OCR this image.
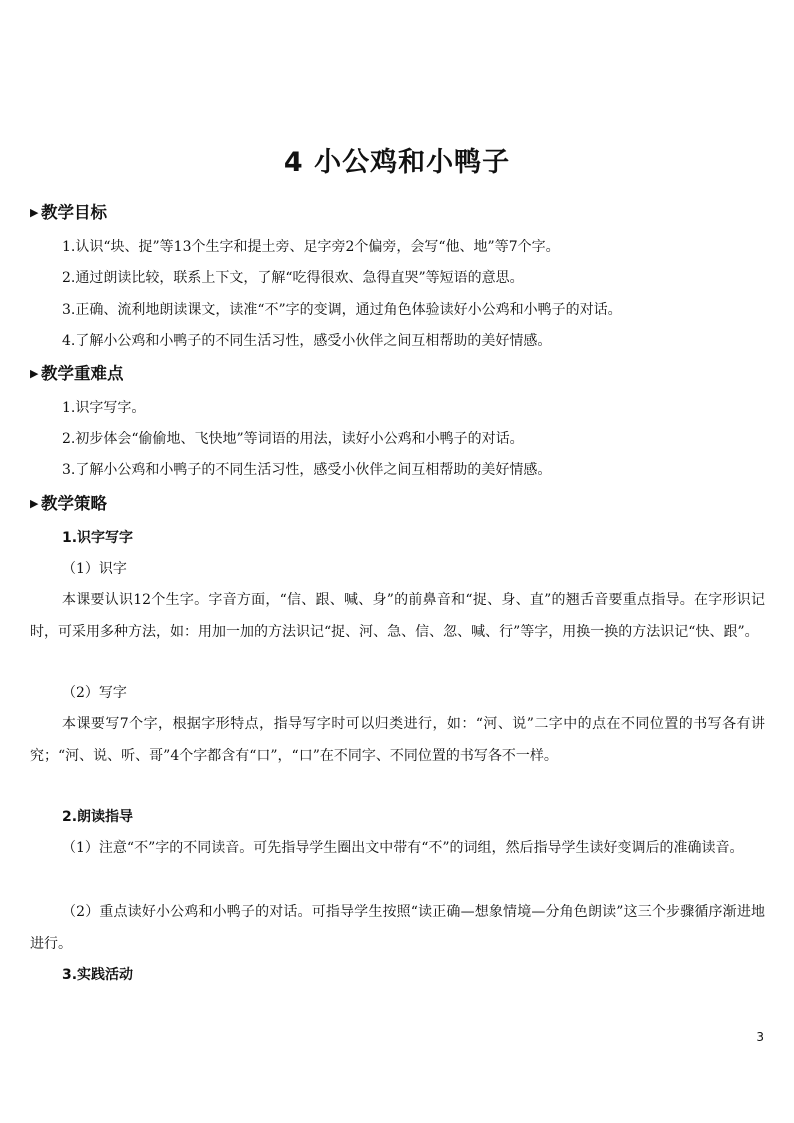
4 小公鸡和小鸭子
▶ 教学目标
1.认识“块、捉”等13个生字和提土旁、足字旁2个偏旁，会写“他、地”等7个字。
2.通过朗读比较，联系上下文，了解“吃得很欢、急得直哭”等短语的意思。
3.正确、流利地朗读课文，读准“不”字的变调，通过角色体验读好小公鸡和小鸭子的对话。
4.了解小公鸡和小鸭子的不同生活习性，感受小伙伴之间互相帮助的美好情感。
▶ 教学重难点
1.识字写字。
2.初步体会“偷偷地、飞快地”等词语的用法，读好小公鸡和小鸭子的对话。
3.了解小公鸡和小鸭子的不同生活习性，感受小伙伴之间互相帮助的美好情感。
▶ 教学策略
1.识字写字
（1）识字

本课要认识12个生字。字音方面，“信、跟、喊、身”的前鼻音和“捉、身、直”的翘舌音要重点指导。在字形识记时，可采用多种方法，如：用加一加的方法识记“捉、河、急、信、忽、喊、行”等字，用换一换的方法识记“快、跟”。

（2）写字

本课要写7个字，根据字形特点，指导写字时可以归类进行，如：“河、说”二字中的点在不同位置的书写各有讲究；“河、说、听、哥”4个字都含有“口”，“口”在不同字、不同位置的书写各不一样。

2.朗读指导

（1）注意“不”字的不同读音。可先指导学生圈出文中带有“不”的词组，然后指导学生读好变调后的准确读音。

（2）重点读好小公鸡和小鸭子的对话。可指导学生按照“读正确—想象情境—分角色朗读”这三个步骤循序渐进地进行。

3.实践活动
3
